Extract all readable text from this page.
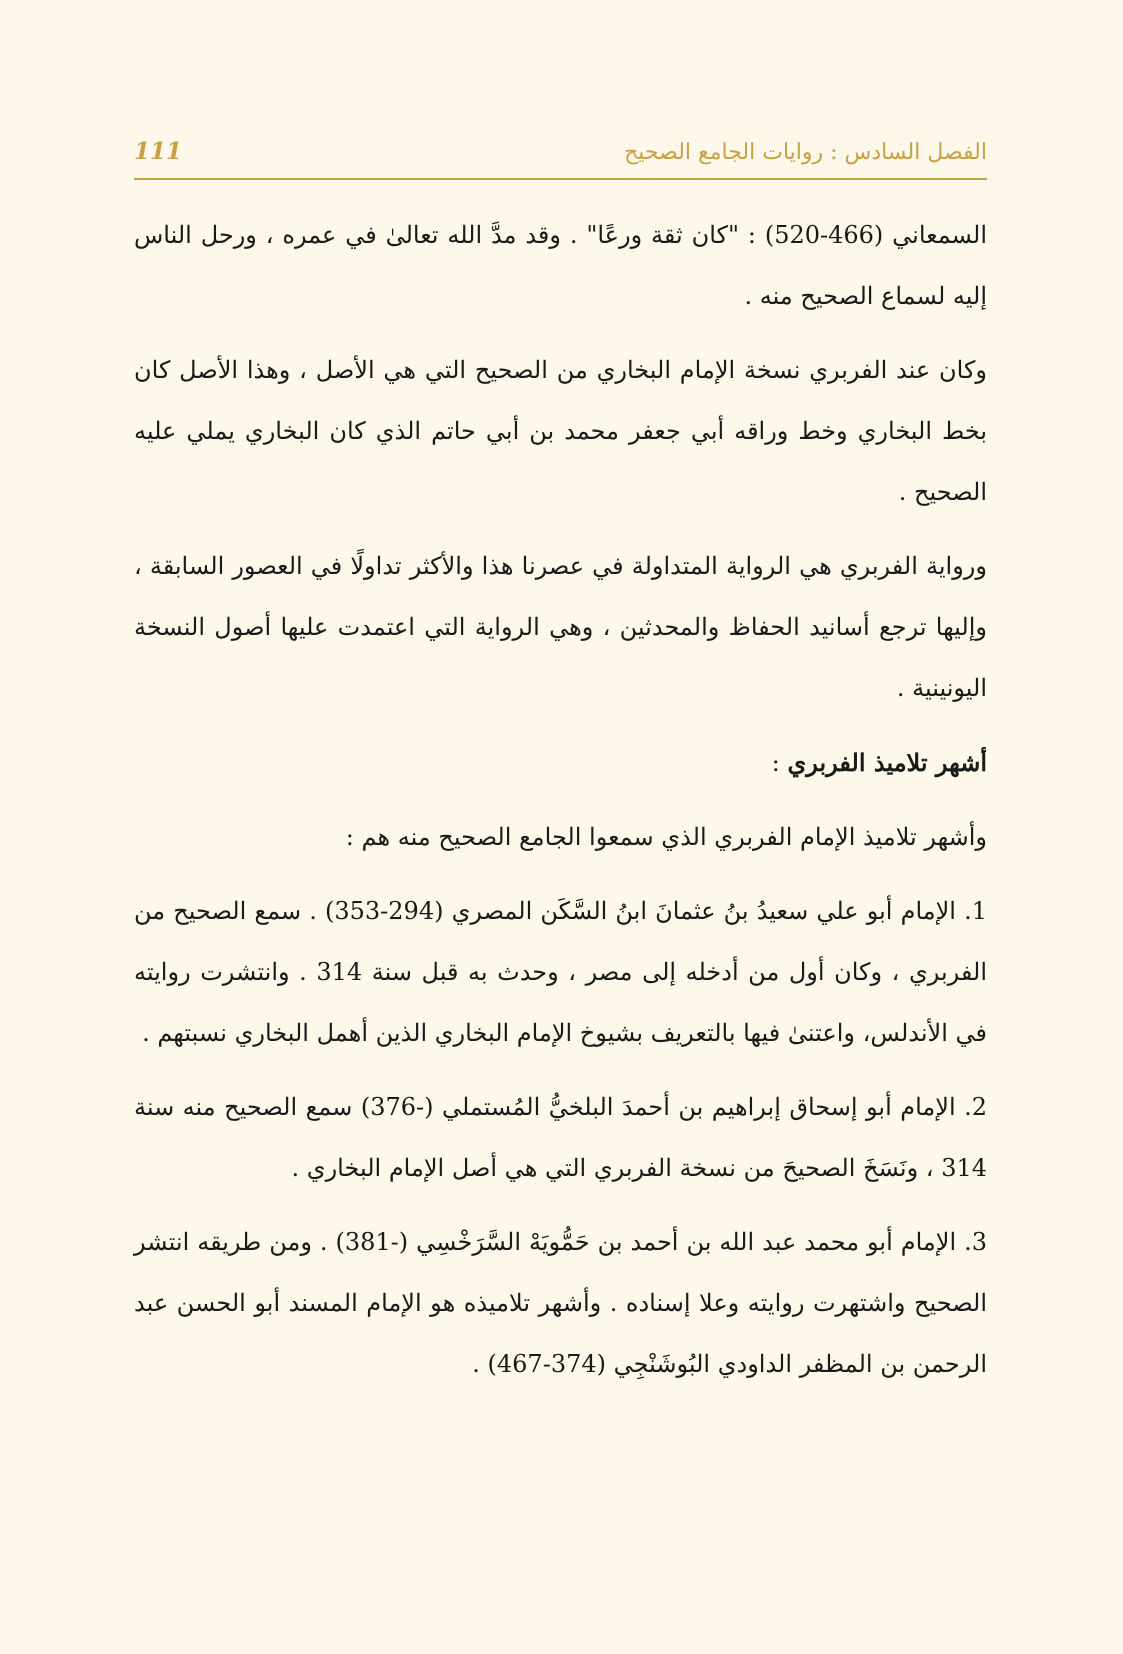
الفصل السادس : روايات الجامع الصحيح
111

السمعاني (466-520) : "كان ثقة ورعًا" . وقد مدَّ الله تعالىٰ في عمره ، ورحل الناس إليه لسماع الصحيح منه .

وكان عند الفربري نسخة الإمام البخاري من الصحيح التي هي الأصل ، وهذا الأصل كان بخط البخاري وخط وراقه أبي جعفر محمد بن أبي حاتم الذي كان البخاري يملي عليه الصحيح .

ورواية الفربري هي الرواية المتداولة في عصرنا هذا والأكثر تداولًا في العصور السابقة ، وإليها ترجع أسانيد الحفاظ والمحدثين ، وهي الرواية التي اعتمدت عليها أصول النسخة اليونينية .

أشهر تلاميذ الفربري :

وأشهر تلاميذ الإمام الفربري الذي سمعوا الجامع الصحيح منه هم :

1. الإمام أبو علي سعيدُ بنُ عثمانَ ابنُ السَّكَن المصري (294-353) . سمع الصحيح من الفربري ، وكان أول من أدخله إلى مصر ، وحدث به قبل سنة 314 . وانتشرت روايته في الأندلس، واعتنىٰ فيها بالتعريف بشيوخ الإمام البخاري الذين أهمل البخاري نسبتهم .

2. الإمام أبو إسحاق إبراهيم بن أحمدَ البلخيُّ المُستملي (-376) سمع الصحيح منه سنة 314 ، ونَسَخَ الصحيحَ من نسخة الفربري التي هي أصل الإمام البخاري .

3. الإمام أبو محمد عبد الله بن أحمد بن حَمُّويَهْ السَّرَخْسِي (-381) . ومن طريقه انتشر الصحيح واشتهرت روايته وعلا إسناده . وأشهر تلاميذه هو الإمام المسند أبو الحسن عبد الرحمن بن المظفر الداودي البُوشَنْجِي (374-467) .
